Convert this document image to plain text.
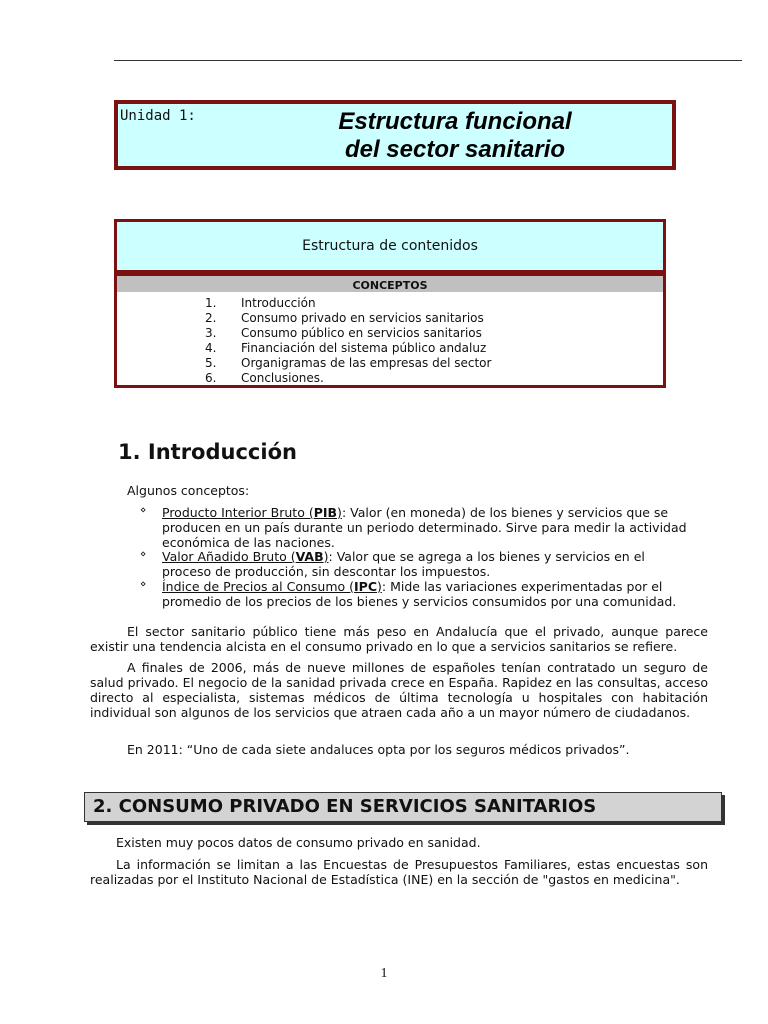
Unidad 1:	Estructura funcional
del sector sanitario
Estructura de contenidos
CONCEPTOS
1. Introducción
2. Consumo privado en servicios sanitarios
3. Consumo público en servicios sanitarios
4. Financiación del sistema público andaluz
5. Organigramas de las empresas del sector
6. Conclusiones.
1. Introducción
Algunos conceptos:
⋄ Producto Interior Bruto (PIB): Valor (en moneda) de los bienes y servicios que se producen en un país durante un periodo determinado. Sirve para medir la actividad económica de las naciones.
⋄ Valor Añadido Bruto (VAB): Valor que se agrega a los bienes y servicios en el proceso de producción, sin descontar los impuestos.
⋄ Índice de Precios al Consumo (IPC): Mide las variaciones experimentadas por el promedio de los precios de los bienes y servicios consumidos por una comunidad.
El sector sanitario público tiene más peso en Andalucía que el privado, aunque parece existir una tendencia alcista en el consumo privado en lo que a servicios sanitarios se refiere.
A finales de 2006, más de nueve millones de españoles tenían contratado un seguro de salud privado. El negocio de la sanidad privada crece en España. Rapidez en las consultas, acceso directo al especialista, sistemas médicos de última tecnología u hospitales con habitación individual son algunos de los servicios que atraen cada año a un mayor número de ciudadanos.
En 2011: “Uno de cada siete andaluces opta por los seguros médicos privados”.
2. CONSUMO PRIVADO EN SERVICIOS SANITARIOS
Existen muy pocos datos de consumo privado en sanidad.
La información se limitan a las Encuestas de Presupuestos Familiares, estas encuestas son realizadas por el Instituto Nacional de Estadística (INE) en la sección de "gastos en medicina".
1
